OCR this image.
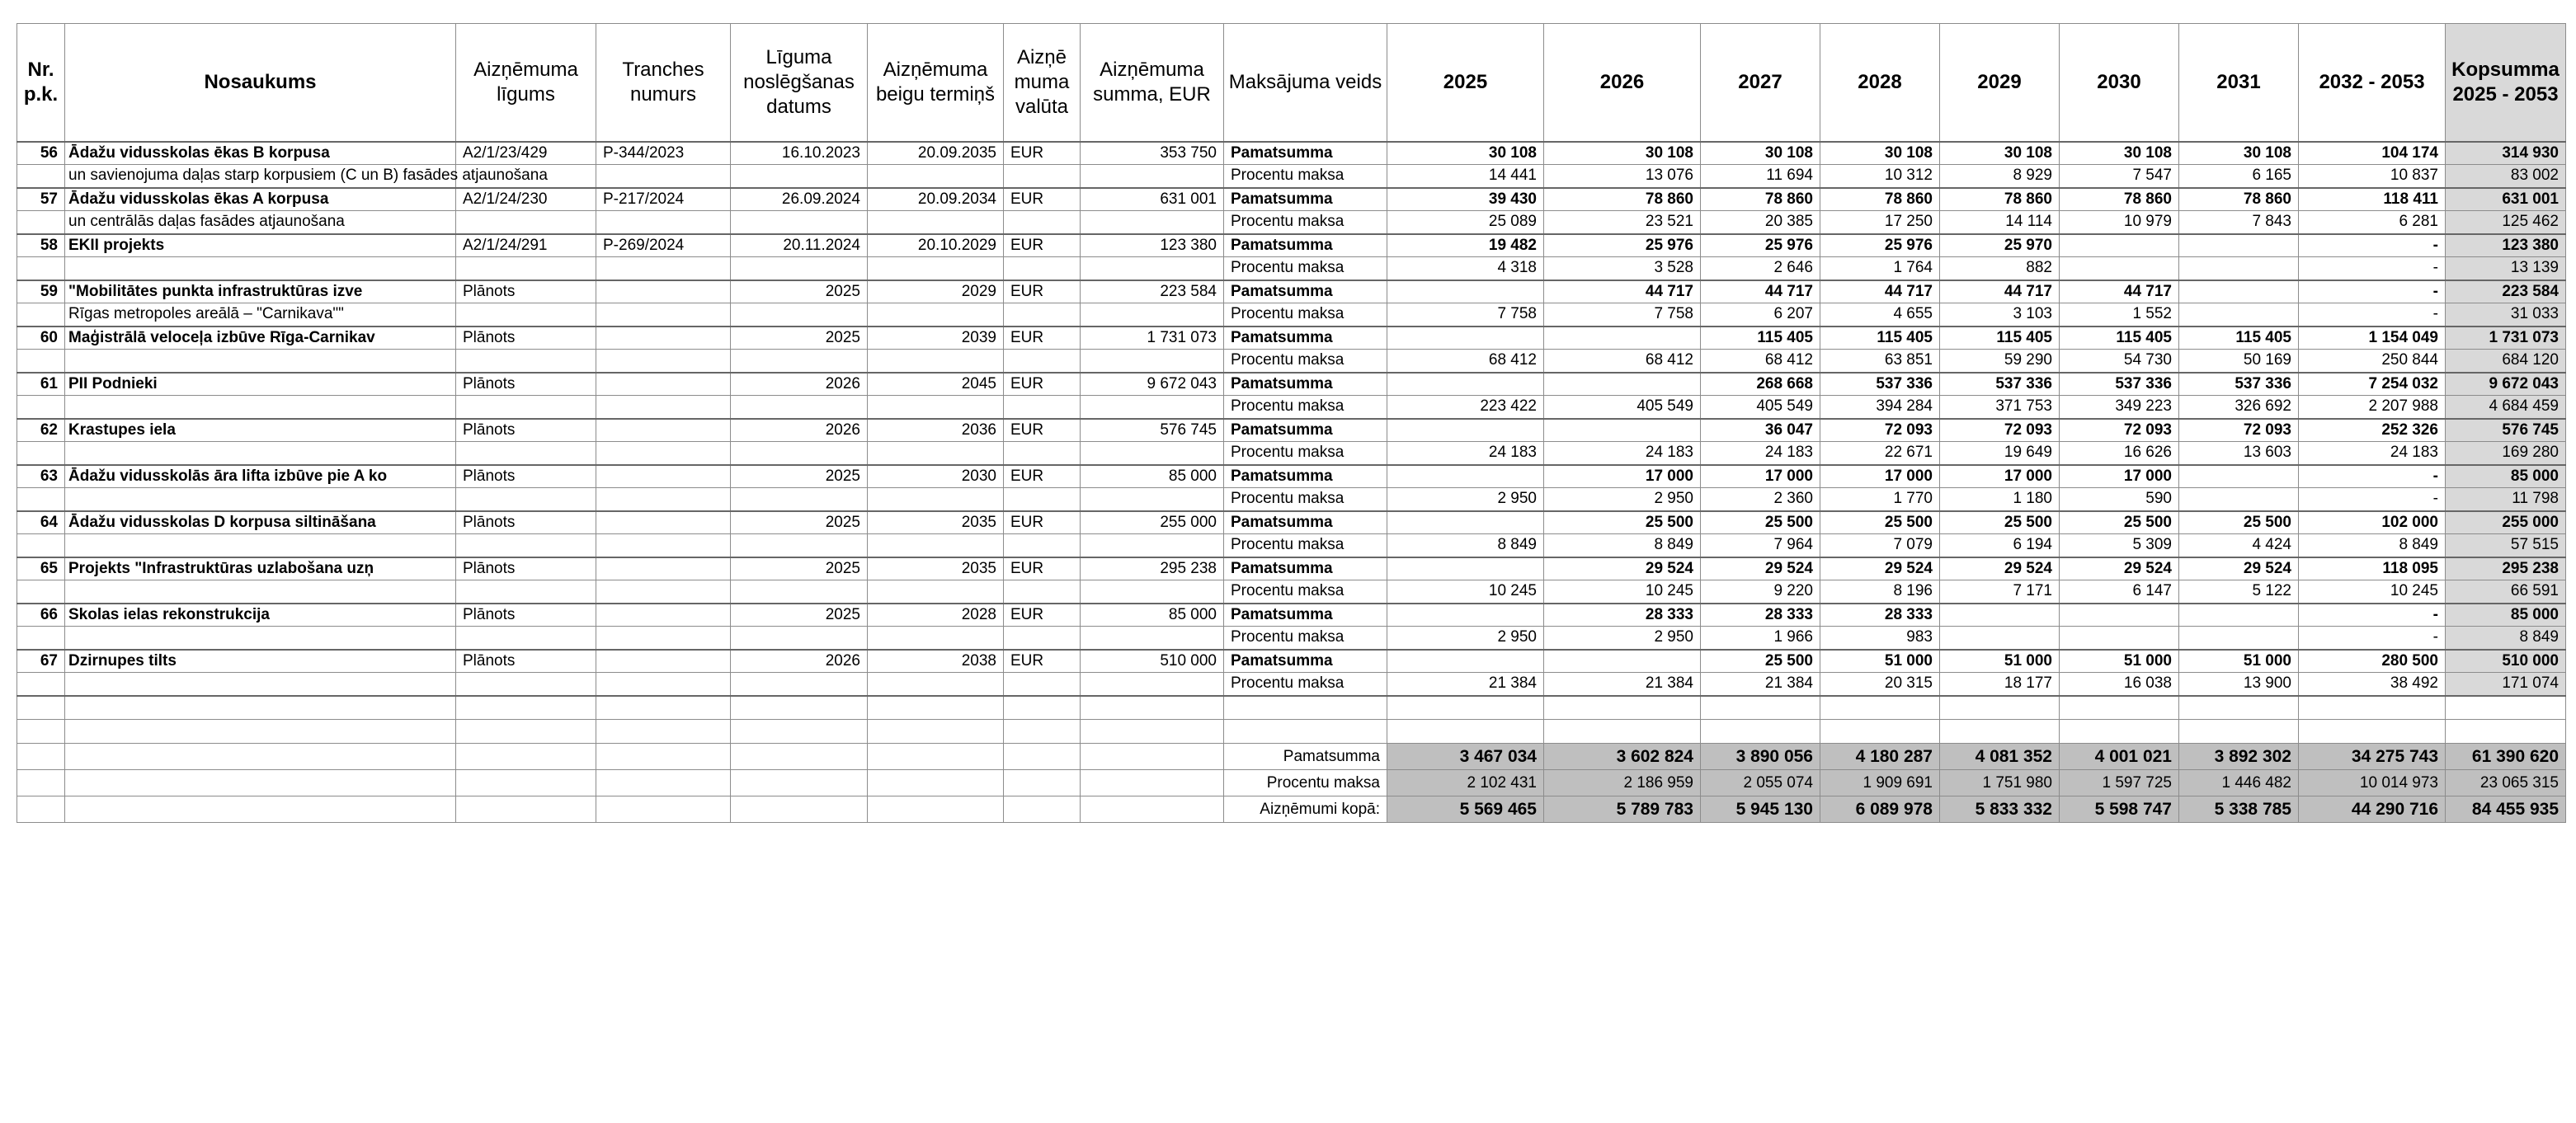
Nr. p.k.	Nosaukums	Aizņēmuma līgums	Tranches numurs	Līguma noslēgšanas datums	Aizņēmuma beigu termiņš	Aizņē muma valūta	Aizņēmuma summa, EUR	Maksājuma veids	2025	2026	2027	2028	2029	2030	2031	2032 - 2053	Kopsumma 2025 - 2053
56	Ādažu vidusskolas ēkas B korpusa	A2/1/23/429	P-344/2023	16.10.2023	20.09.2035	EUR	353 750	Pamatsumma	30 108	30 108	30 108	30 108	30 108	30 108	30 108	104 174	314 930
	un savienojuma daļas starp korpusiem (C un B) fasādes atjaunošana							Procentu maksa	14 441	13 076	11 694	10 312	8 929	7 547	6 165	10 837	83 002
57	Ādažu vidusskolas ēkas A korpusa	A2/1/24/230	P-217/2024	26.09.2024	20.09.2034	EUR	631 001	Pamatsumma	39 430	78 860	78 860	78 860	78 860	78 860	78 860	118 411	631 001
	un centrālās daļas fasādes atjaunošana							Procentu maksa	25 089	23 521	20 385	17 250	14 114	10 979	7 843	6 281	125 462
58	EKII projekts	A2/1/24/291	P-269/2024	20.11.2024	20.10.2029	EUR	123 380	Pamatsumma	19 482	25 976	25 976	25 976	25 970			-	123 380
								Procentu maksa	4 318	3 528	2 646	1 764	882			-	13 139
59	"Mobilitātes punkta infrastruktūras izve	Plānots		2025	2029	EUR	223 584	Pamatsumma		44 717	44 717	44 717	44 717	44 717		-	223 584
	Rīgas metropoles areālā – "Carnikava""							Procentu maksa	7 758	7 758	6 207	4 655	3 103	1 552		-	31 033
60	Maģistrālā veloceļa izbūve Rīga-Carnikav	Plānots		2025	2039	EUR	1 731 073	Pamatsumma			115 405	115 405	115 405	115 405	115 405	1 154 049	1 731 073
								Procentu maksa	68 412	68 412	68 412	63 851	59 290	54 730	50 169	250 844	684 120
61	PII Podnieki	Plānots		2026	2045	EUR	9 672 043	Pamatsumma			268 668	537 336	537 336	537 336	537 336	7 254 032	9 672 043
								Procentu maksa	223 422	405 549	405 549	394 284	371 753	349 223	326 692	2 207 988	4 684 459
62	Krastupes iela	Plānots		2026	2036	EUR	576 745	Pamatsumma			36 047	72 093	72 093	72 093	72 093	252 326	576 745
								Procentu maksa	24 183	24 183	24 183	22 671	19 649	16 626	13 603	24 183	169 280
63	Ādažu vidusskolās āra lifta izbūve pie A ko	Plānots		2025	2030	EUR	85 000	Pamatsumma		17 000	17 000	17 000	17 000	17 000		-	85 000
								Procentu maksa	2 950	2 950	2 360	1 770	1 180	590		-	11 798
64	Ādažu vidusskolas D korpusa siltināšana	Plānots		2025	2035	EUR	255 000	Pamatsumma		25 500	25 500	25 500	25 500	25 500	25 500	102 000	255 000
								Procentu maksa	8 849	8 849	7 964	7 079	6 194	5 309	4 424	8 849	57 515
65	Projekts "Infrastruktūras uzlabošana uzņ	Plānots		2025	2035	EUR	295 238	Pamatsumma		29 524	29 524	29 524	29 524	29 524	29 524	118 095	295 238
								Procentu maksa	10 245	10 245	9 220	8 196	7 171	6 147	5 122	10 245	66 591
66	Skolas ielas rekonstrukcija	Plānots		2025	2028	EUR	85 000	Pamatsumma		28 333	28 333	28 333				-	85 000
								Procentu maksa	2 950	2 950	1 966	983				-	8 849
67	Dzirnupes tilts	Plānots		2026	2038	EUR	510 000	Pamatsumma			25 500	51 000	51 000	51 000	51 000	280 500	510 000
								Procentu maksa	21 384	21 384	21 384	20 315	18 177	16 038	13 900	38 492	171 074

								Pamatsumma	3 467 034	3 602 824	3 890 056	4 180 287	4 081 352	4 001 021	3 892 302	34 275 743	61 390 620
								Procentu maksa	2 102 431	2 186 959	2 055 074	1 909 691	1 751 980	1 597 725	1 446 482	10 014 973	23 065 315
								Aizņēmumi kopā:	5 569 465	5 789 783	5 945 130	6 089 978	5 833 332	5 598 747	5 338 785	44 290 716	84 455 935
